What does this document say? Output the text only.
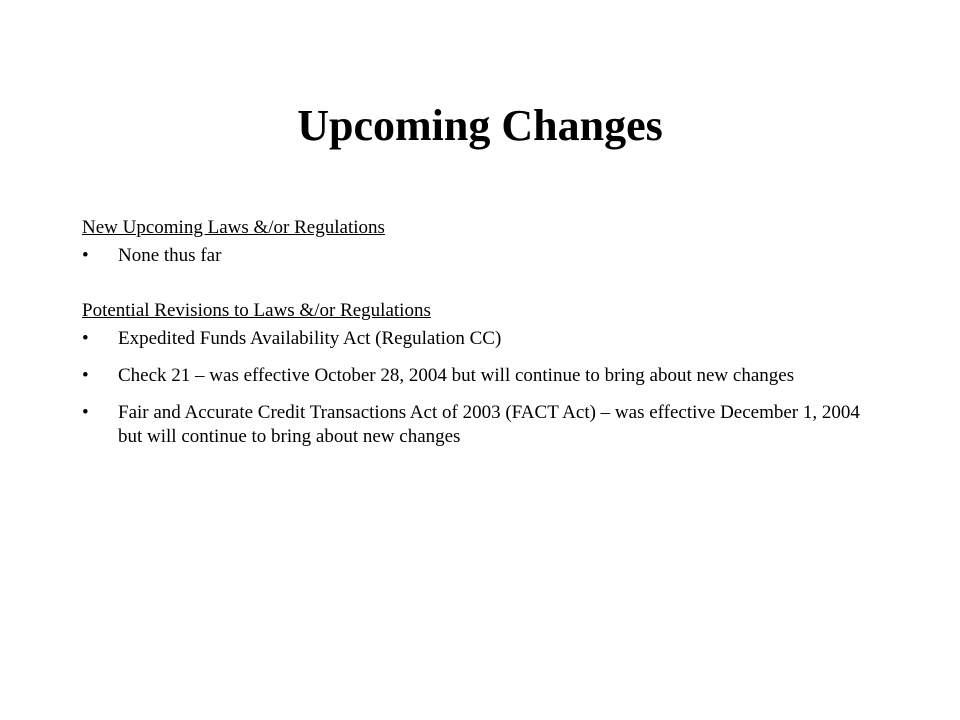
Upcoming Changes
New Upcoming Laws &/or Regulations
•	None thus far
Potential Revisions to Laws &/or Regulations
•	Expedited Funds Availability Act (Regulation CC)
•	Check 21 – was effective October 28, 2004 but will continue to bring about new changes
•	Fair and Accurate Credit Transactions Act of 2003 (FACT Act) – was effective December 1, 2004 but will continue to bring about new changes
